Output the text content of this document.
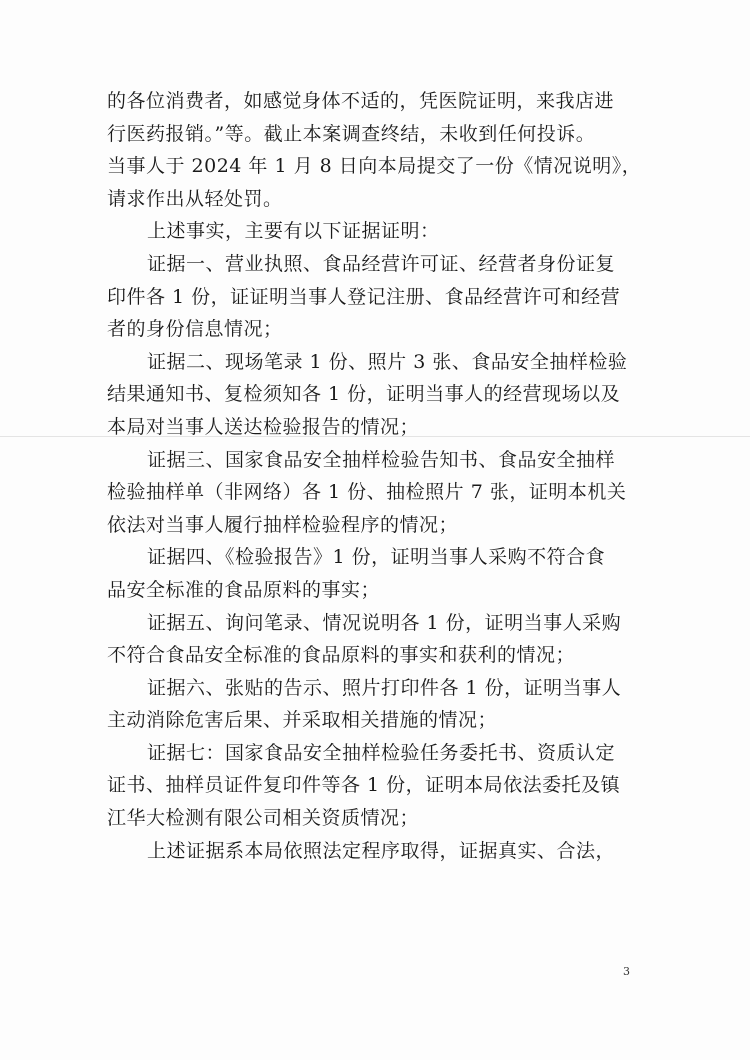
的各位消费者，如感觉身体不适的，凭医院证明，来我店进
行医药报销。”等。截止本案调查终结，未收到任何投诉。
当事人于 2024 年 1 月 8 日向本局提交了一份《情况说明》，
请求作出从轻处罚。
上述事实，主要有以下证据证明：
证据一、营业执照、食品经营许可证、经营者身份证复
印件各 1 份，证证明当事人登记注册、食品经营许可和经营
者的身份信息情况；
证据二、现场笔录 1 份、照片 3 张、食品安全抽样检验
结果通知书、复检须知各 1 份，证明当事人的经营现场以及
本局对当事人送达检验报告的情况；
证据三、国家食品安全抽样检验告知书、食品安全抽样
检验抽样单（非网络）各 1 份、抽检照片 7 张，证明本机关
依法对当事人履行抽样检验程序的情况；
证据四、《检验报告》1 份，证明当事人采购不符合食
品安全标准的食品原料的事实；
证据五、询问笔录、情况说明各 1 份，证明当事人采购
不符合食品安全标准的食品原料的事实和获利的情况；
证据六、张贴的告示、照片打印件各 1 份，证明当事人
主动消除危害后果、并采取相关措施的情况；
证据七：国家食品安全抽样检验任务委托书、资质认定
证书、抽样员证件复印件等各 1 份，证明本局依法委托及镇
江华大检测有限公司相关资质情况；
上述证据系本局依照法定程序取得，证据真实、合法，
3
